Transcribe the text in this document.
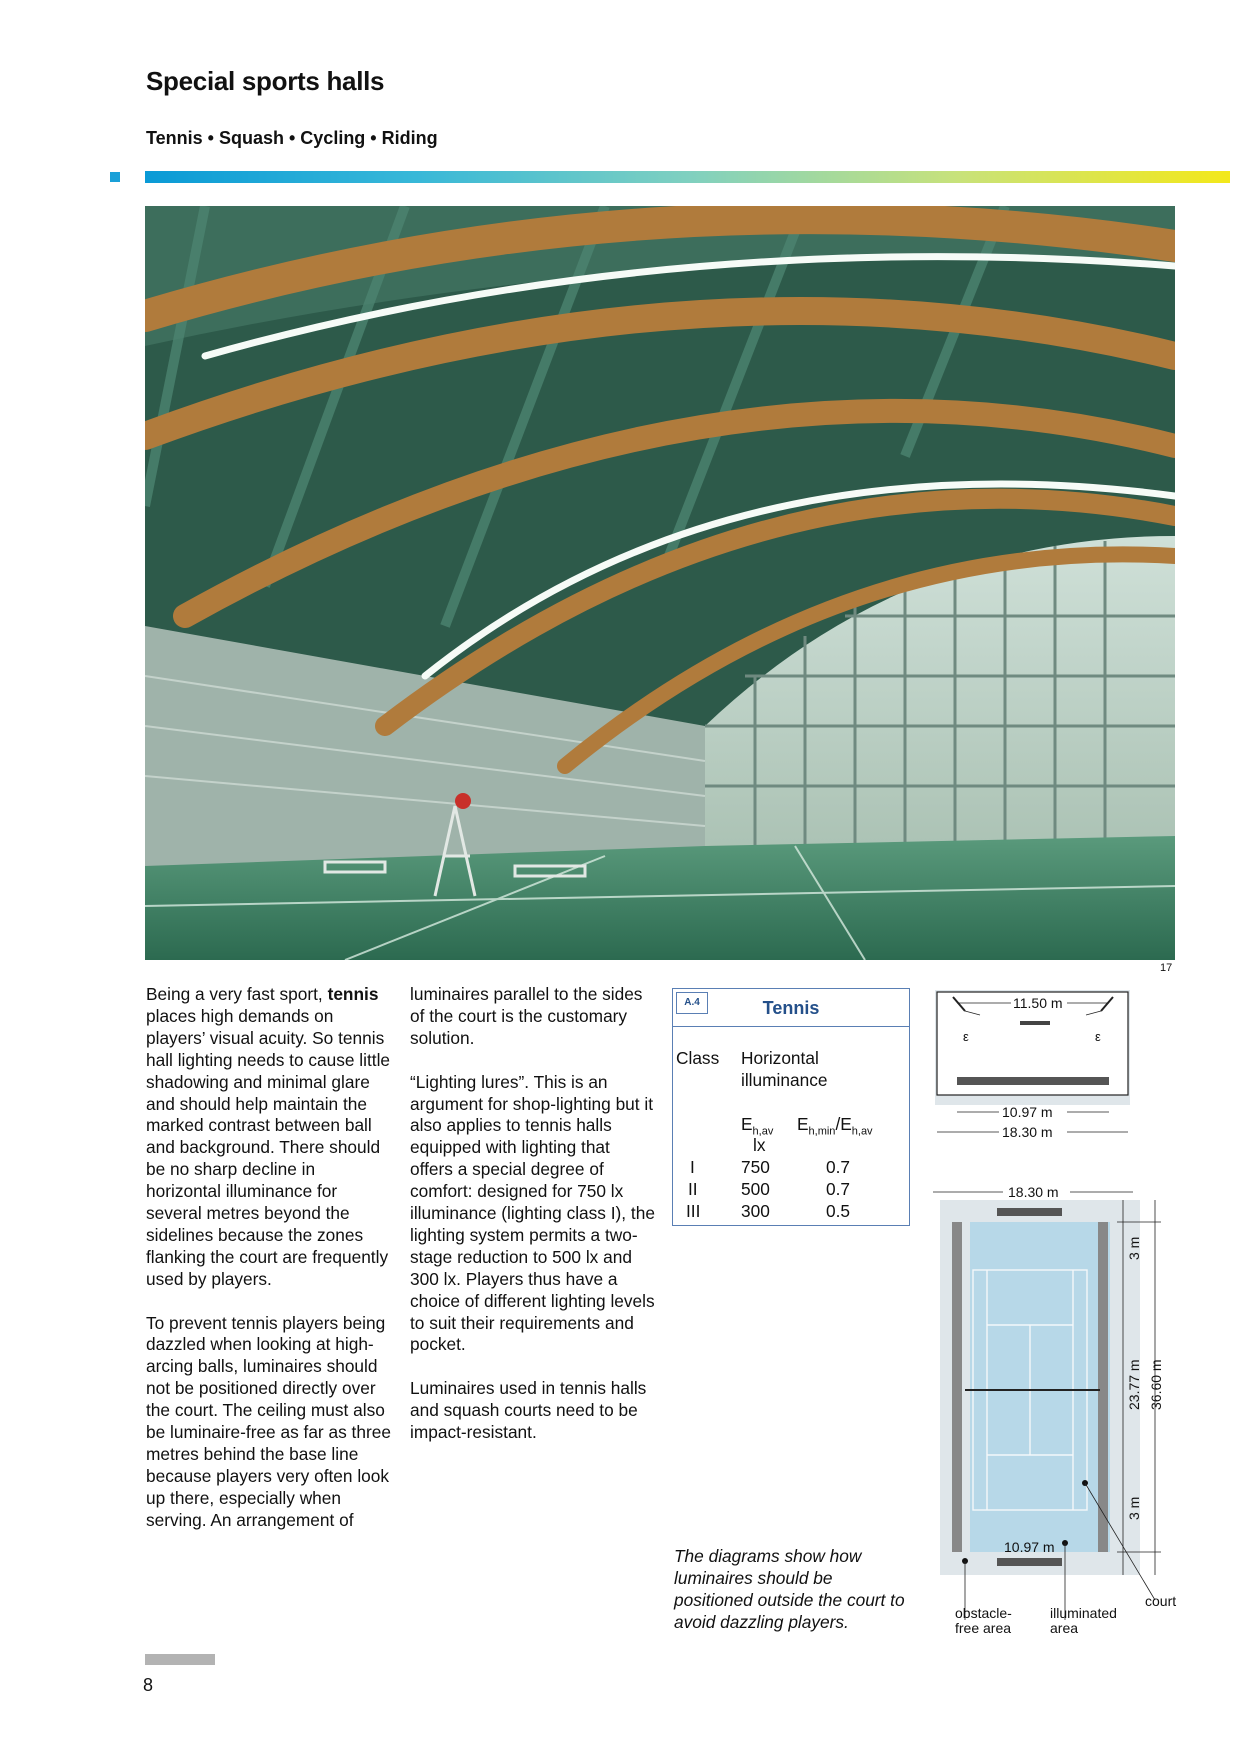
Special sports halls
Tennis • Squash • Cycling • Riding
17

Being a very fast sport, tennis places high demands on players’ visual acuity. So tennis hall lighting needs to cause little shadowing and minimal glare and should help maintain the marked contrast between ball and background. There should be no sharp decline in horizontal illuminance for several metres beyond the sidelines because the zones flanking the court are frequently used by players.

To prevent tennis players being dazzled when looking at high-arcing balls, luminaires should not be positioned directly over the court. The ceiling must also be luminaire-free as far as three metres behind the base line because players very often look up there, especially when serving. An arrangement of

luminaires parallel to the sides of the court is the customary solution.

“Lighting lures”. This is an argument for shop-lighting but it also applies to tennis halls equipped with lighting that offers a special degree of comfort: designed for 750 lx illuminance (lighting class I), the lighting system permits a two-stage reduction to 500 lx and 300 lx. Players thus have a choice of different lighting levels to suit their requirements and pocket.

Luminaires used in tennis halls and squash courts need to be impact-resistant.

A.4	Tennis
Class Horizontal
illuminance
$E_{h,av}$ $E_{h,min}/E_{h,av}$
lx
I	750	0.7
II	500	0.7
III 300	0.5
The diagrams show how luminaires should be positioned outside the court to avoid dazzling players.
ε	ε
11.50 m
10.97 m
18.30 m
18.30 m
10.97 m
3 m
3 m
23.77 m 36.60 m
obstacle-
free area
illuminated
area
court
8
